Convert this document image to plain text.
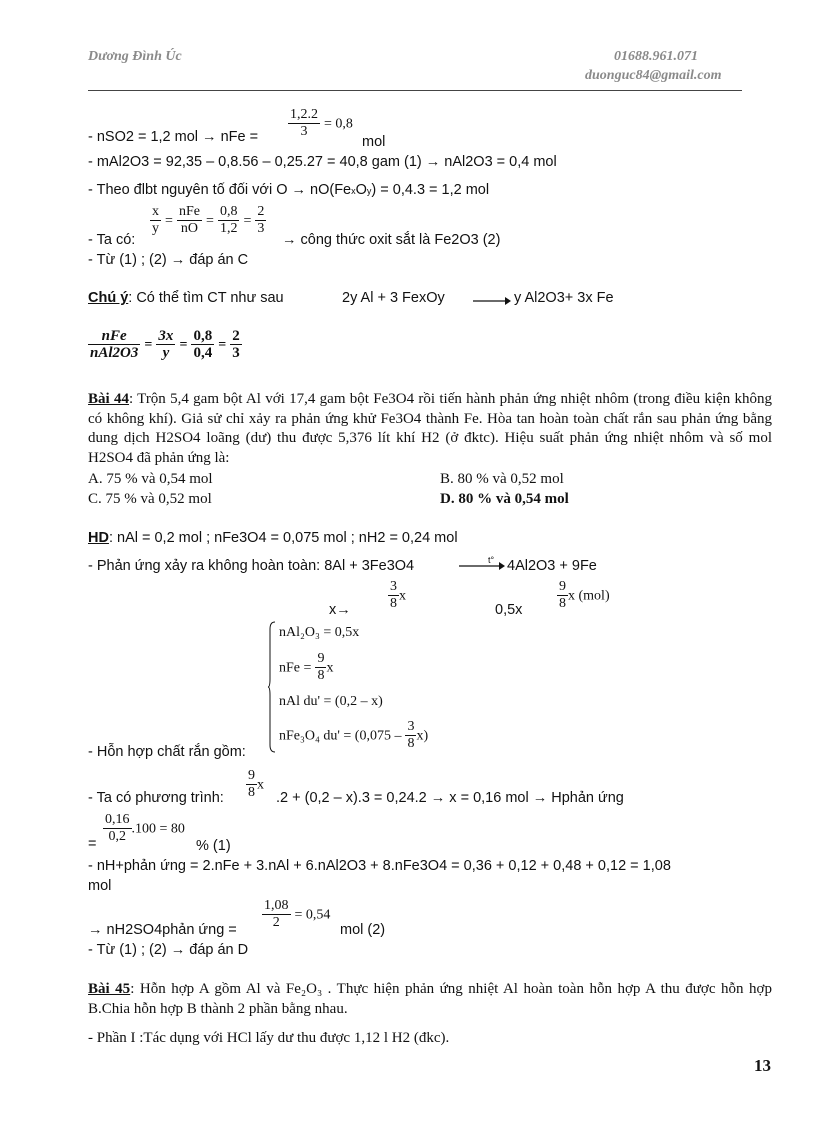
Dương Đình Úc	01688.961.071
duonguc84@gmail.com
- nSO2 = 1,2 mol → nFe = $\frac{1,2.2}{3} = 0,8$
mol
- mAl2O3 = 92,35 – 0,8.56 – 0,25.27 = 40,8 gam (1) → nAl2O3 = 0,4 mol
- Theo đlbt nguyên tố đối với O → nO(FexOy) = 0,4.3 = 1,2 mol
$\frac{x}{y} = \frac{\text{nFe}}{nO} = \frac{0,8}{1,2} = \frac{2}{3}$
- Ta có:	→ công thức oxit sắt là Fe2O3 (2)
- Từ (1) ; (2) → đáp án C
Chú ý: Có thể tìm CT như sau	2y Al + 3 FexOy → y Al2O3+ 3x Fe
$\frac{\text{nFe}}{\text{nAl2O3}} = \frac{3x}{y} = \frac{0,8}{0,4} = \frac{2}{3}$
Bài 44: Trộn 5,4 gam bột Al với 17,4 gam bột Fe3O4 rồi tiến hành phản ứng nhiệt nhôm (trong điều kiện không có không khí). Giả sử chỉ xảy ra phản ứng khử Fe3O4 thành Fe. Hòa tan hoàn toàn chất rắn sau phản ứng bằng dung dịch H2SO4 loãng (dư) thu được 5,376 lít khí H2 (ở đktc). Hiệu suất phản ứng nhiệt nhôm và số mol H2SO4 đã phản ứng là:
A. 75 % và 0,54 mol	B. 80 % và 0,52 mol
C. 75 % và 0,52 mol	D. 80 % và 0,54 mol
HD: nAl = 0,2 mol ; nFe3O4 = 0,075 mol ; nH2 = 0,24 mol
- Phản ứng xảy ra không hoàn toàn: 8Al + 3Fe3O4	t° → 4Al2O3 + 9Fe
x→	$\frac{3}{8}$ x
$0,5x \frac{9}{8}$ x (mol)
nAl₂O₃ = 0,5x
nFe = $\frac{9}{8}$ x
nAl du' = (0,2 – x)
nFe₃O₄ $du' = (0,075 - \frac{3}{8} x)$
- Hỗn hợp chất rắn gồm:
$\frac{9}{8}$ x
- Ta có phương trình:	.2 + (0,2 – x).3 = 0,24.2 → x = 0,16 mol → Hphản ứng
$\frac{0,16}{0,2} .100 = 80$
=	% (1)
- nH+phản ứng = 2.nFe + 3.nAl + 6.nAl2O3 + 8.nFe3O4 = 0,36 + 0,12 + 0,48 + 0,12 = 1,08
mol
$\frac{1,08}{2} = 0,54$
→ nH2SO4phản ứng =	mol (2)
- Từ (1) ; (2) → đáp án D
Bài 45: Hỗn hợp A gồm Al và Fe₂O₃ . Thực hiện phản ứng nhiệt Al hoàn toàn hỗn hợp A thu được hỗn hợp B.Chia hỗn hợp B thành 2 phần bằng nhau.
- Phần I :Tác dụng với HCl lấy dư thu được 1,12 l H2 (đkc).
13
